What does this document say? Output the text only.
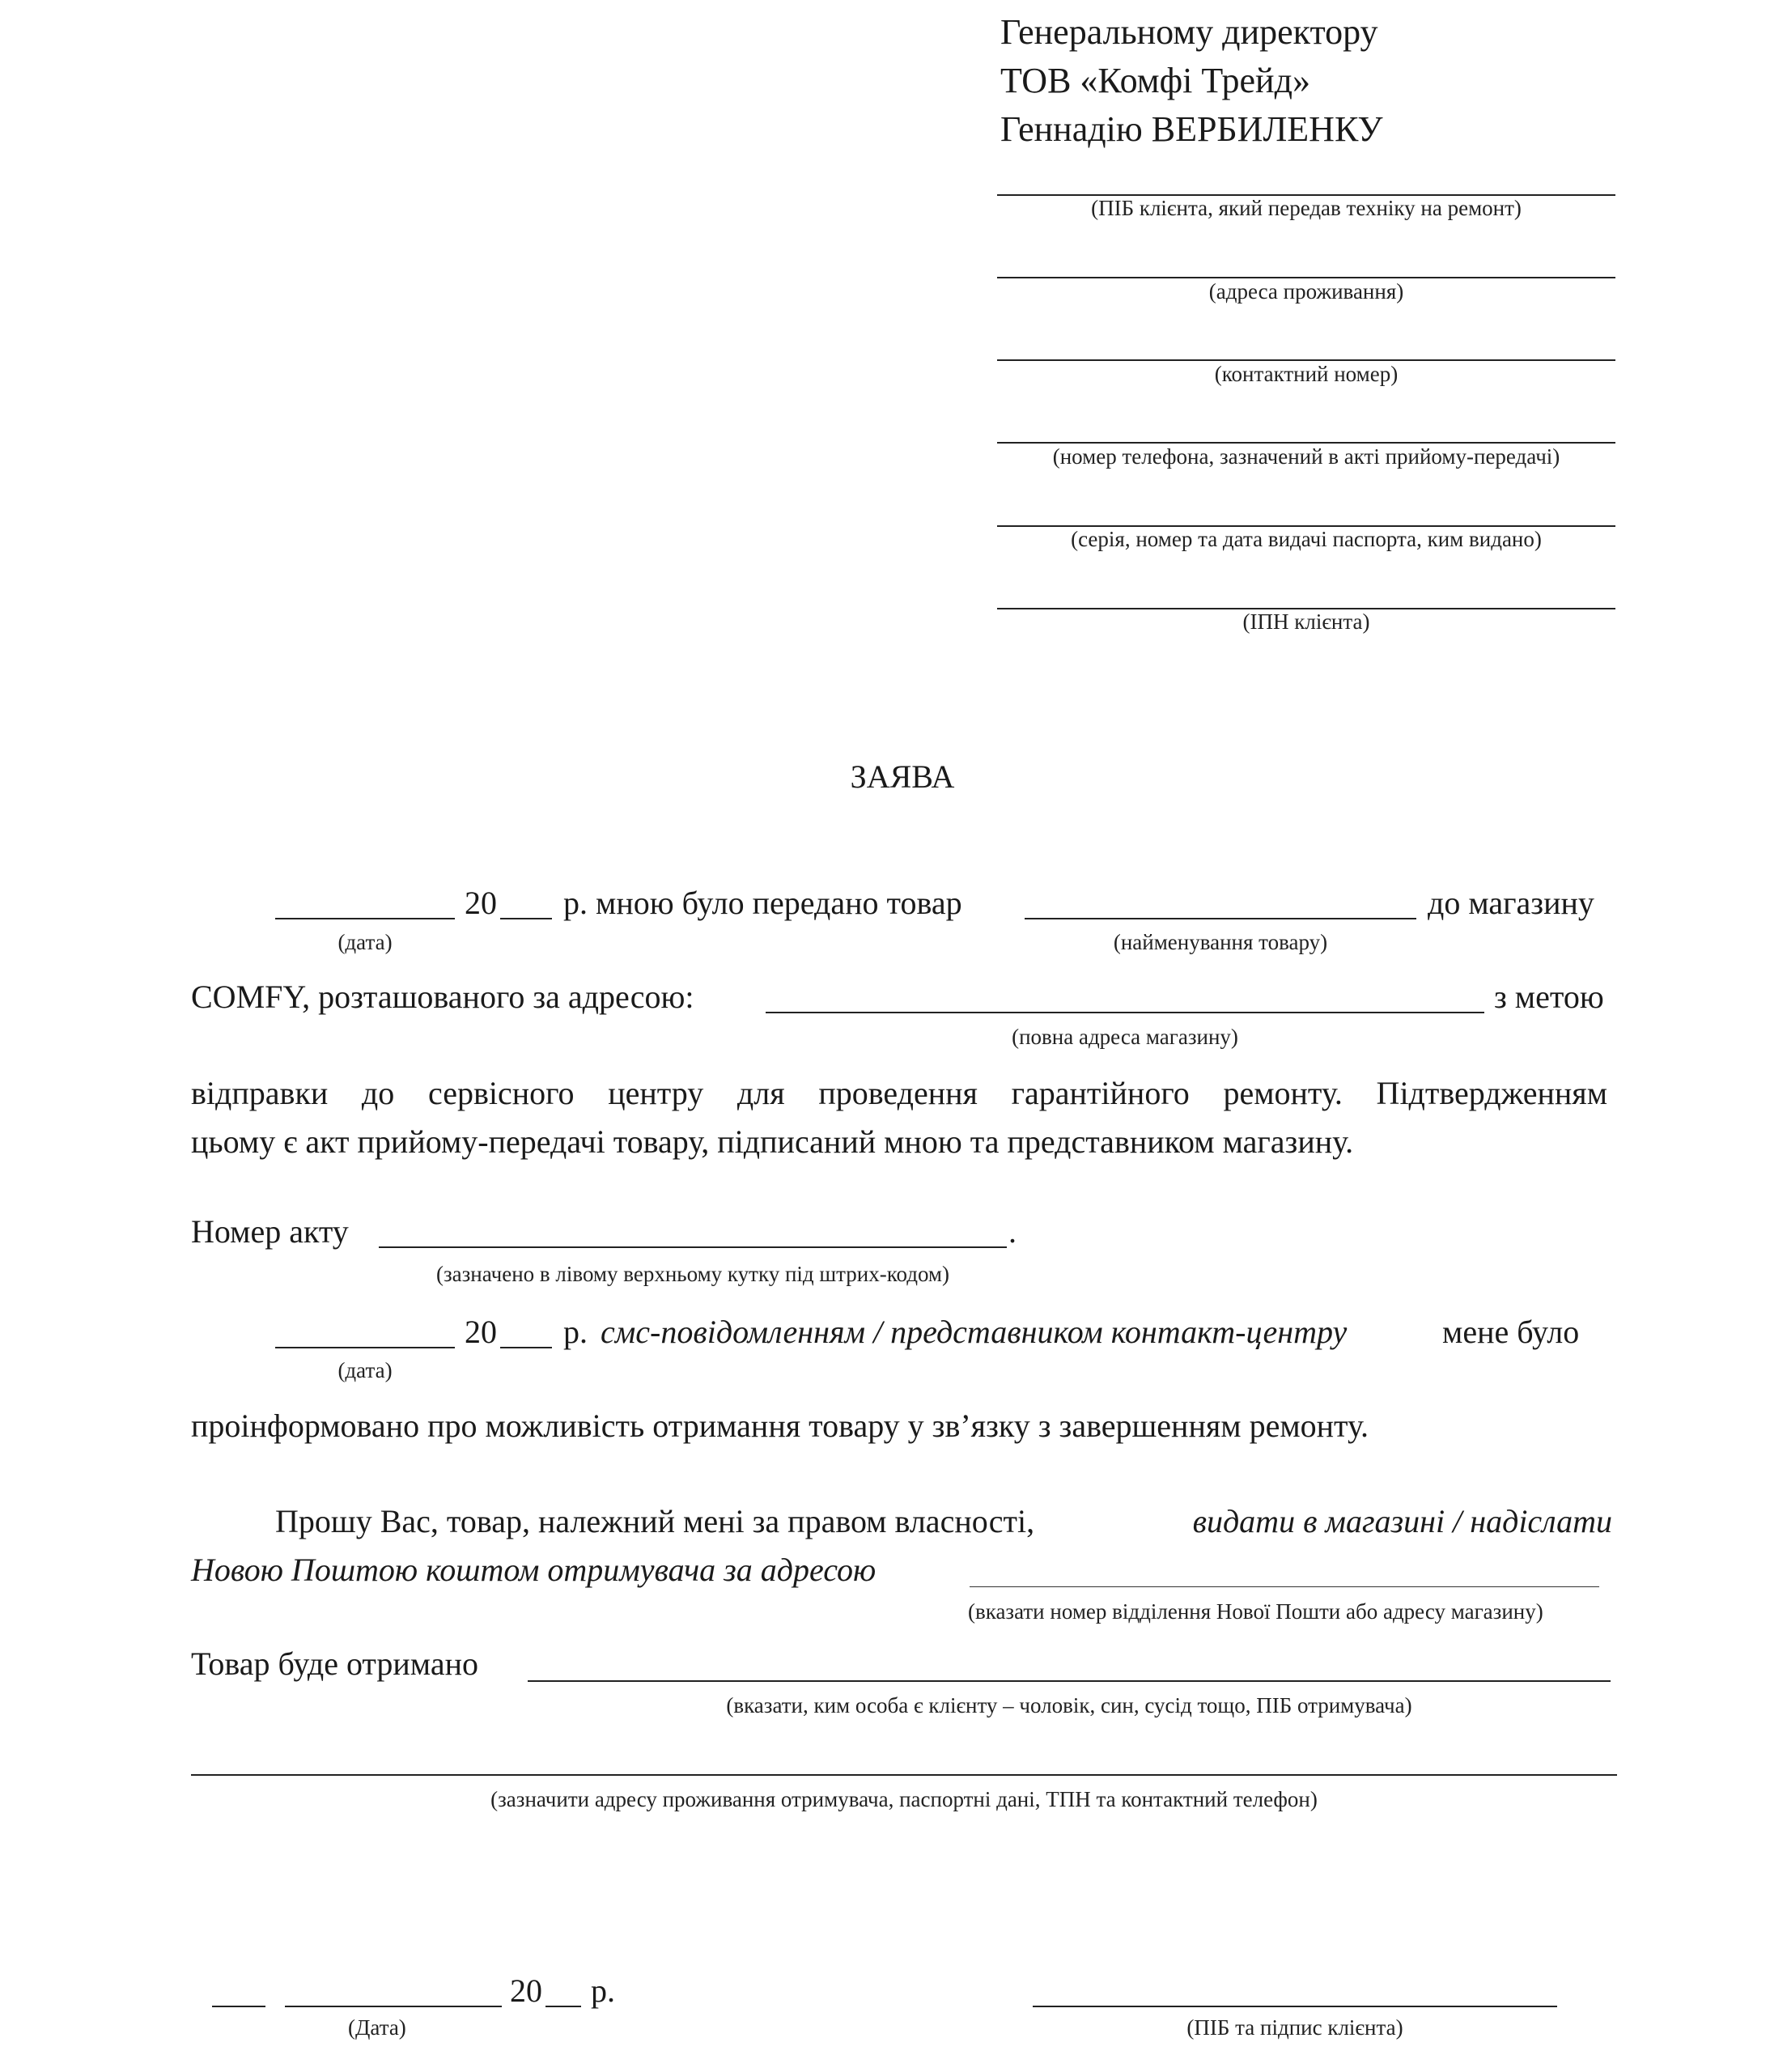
Генеральному директору
ТОВ «Комфі Трейд»
Геннадію ВЕРБИЛЕНКУ
(ПІБ клієнта, який передав техніку на ремонт)
(адреса проживання)
(контактний номер)
(номер телефона, зазначений в акті прийому-передачі)
(серія, номер та дата видачі паспорта, ким видано)
(ІПН клієнта)
ЗАЯВА
20 р. мною було передано товар	до магазину
(дата)	(найменування товару)
COMFY, розташованого за адресою:	з метою
(повна адреса магазину)
відправки до сервісного центру для проведення гарантійного ремонту. Підтвердженням
цьому є акт прийому-передачі товару, підписаний мною та представником магазину.
Номер акту	.
(зазначено в лівому верхньому кутку під штрих-кодом)
20 р. смс-повідомленням / представником контакт-центру	мене було
(дата)
проінформовано про можливість отримання товару у зв’язку з завершенням ремонту.
Прошу Вас, товар, належний мені за правом власності,	видати в магазині / надіслати
Новою Поштою коштом отримувача за адресою
(вказати номер відділення Нової Пошти або адресу магазину)
Товар буде отримано
(вказати, ким особа є клієнту – чоловік, син, сусід тощо, ПІБ отримувача)
(зазначити адресу проживання отримувача, паспортні дані, ТПН та контактний телефон)
20 р.
(Дата)	(ПІБ та підпис клієнта)
